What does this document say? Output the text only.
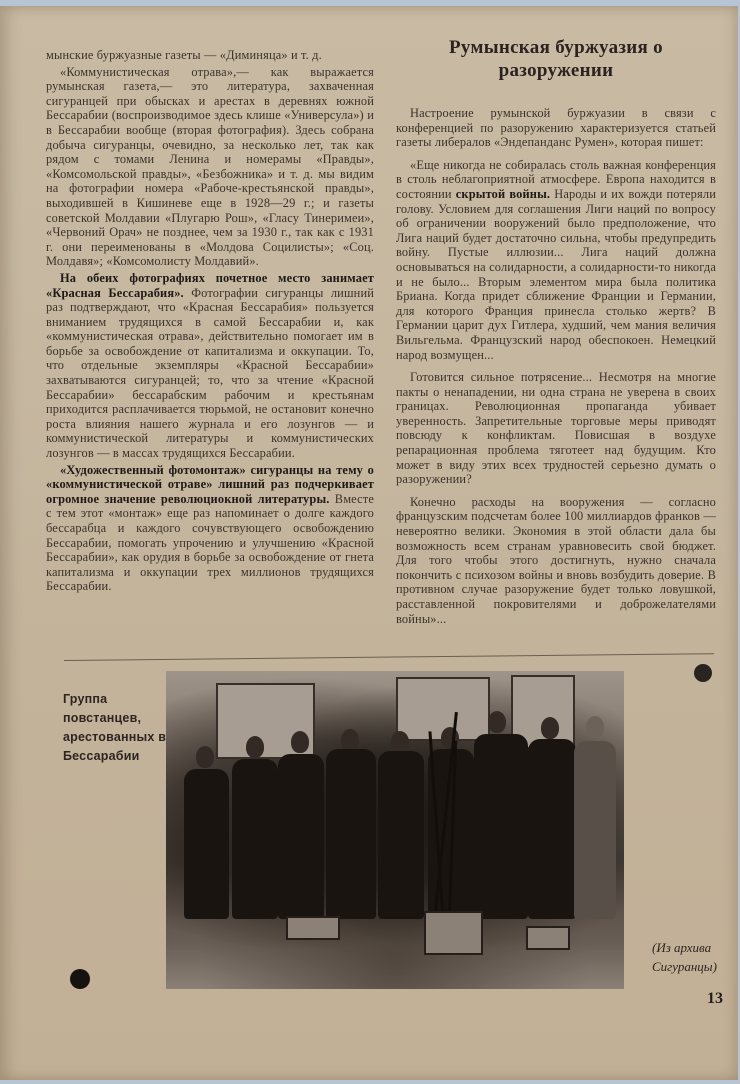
мынские буржуазные газеты — «Диминяца» и т. д.

«Коммунистическая отрава»,— как выражается румынская газета,— это литература, захваченная сигуранцей при обысках и арестах в деревнях южной Бессарабии (воспроизводимое здесь клише «Универсула») и в Бессарабии вообще (вторая фотография). Здесь собрана добыча сигуранцы, очевидно, за несколько лет, так как рядом с томами Ленина и номерамы «Правды», «Комсомольской правды», «Безбожника» и т. д. мы видим на фотографии номера «Рабоче-крестьянской правды», выходившей в Кишиневе еще в 1928—29 г.; и газеты советской Молдавии «Плугарю Рош», «Гласу Тинеримеи», «Червоний Орач» не позднее, чем за 1930 г., так как с 1931 г. они переименованы в «Молдова Социлисты»; «Соц. Молдавя»; «Комсомолисту Молдавий».

На обеих фотографиях почетное место занимает «Красная Бессарабия». Фотографии сигуранцы лишний раз подтверждают, что «Красная Бессарабия» пользуется вниманием трудящихся в самой Бессарабии и, как «коммунистическая отрава», действительно помогает им в борьбе за освобождение от капитализма и оккупации. То, что отдельные экземпляры «Красной Бессарабии» захватываются сигуранцей; то, что за чтение «Красной Бессарабии» бессарабским рабочим и крестьянам приходится расплачивается тюрьмой, не остановит конечно роста влияния нашего журнала и его лозунгов — и коммунистической литературы и коммунистических лозунгов — в массах трудящихся Бессарабии.

«Художественный фотомонтаж» сигуранцы на тему о «коммунистической отраве» лишний раз подчеркивает огромное значение революциокной литературы. Вместе с тем этот «монтаж» еще раз напоминает о долге каждого бессарабца и каждого сочувствующего освобождению Бессарабии, помогать упрочению и улучшению «Красной Бессарабии», как орудия в борьбе за освобождение от гнета капитализма и оккупации трех миллионов трудящихся Бессарабии.

Румынская буржуазия о разоружении

Настроение румынской буржуазии в связи с конференцией по разоружению характеризуется статьей газеты либералов «Эндепанданс Румен», которая пишет:

«Еще никогда не собиралась столь важная конференция в столь неблагоприятной атмосфере. Европа находится в состоянии скрытой войны. Народы и их вожди потеряли голову. Условием для соглашения Лиги наций по вопросу об ограничении вооружений было предположение, что Лига наций будет достаточно сильна, чтобы предупредить войну. Пустые иллюзии... Лига наций должна основываться на солидарности, а солидарности-то никогда и не было... Вторым элементом мира была политика Бриана. Когда придет сближение Франции и Германии, для которого Франция принесла столько жертв? В Германии царит дух Гитлера, худший, чем мания величия Вильгельма. Французский народ обеспокоен. Немецкий народ возмущен...

Готовится сильное потрясение... Несмотря на многие пакты о ненападении, ни одна страна не уверена в своих границах. Революционная пропаганда убивает уверенность. Запретительные торговые меры приводят повсюду к конфликтам. Повисшая в воздухе репарационная проблема тяготеет над будущим. Кто может в виду этих всех трудностей серьезно думать о разоружении?

Конечно расходы на вооружения — согласно французским подсчетам более 100 миллиардов франков — невероятно велики. Экономия в этой области дала бы возможность всем странам уравновесить свой бюджет. Для того чтобы этого достигнуть, нужно сначала покончить с психозом войны и вновь возбудить доверие. В противном случае разоружение будет только ловушкой, расставленной покровителями и доброжелателями войны»...

Группа повстанцев, арестованных в Бессарабии
(Из архива Сигуранцы)
13
